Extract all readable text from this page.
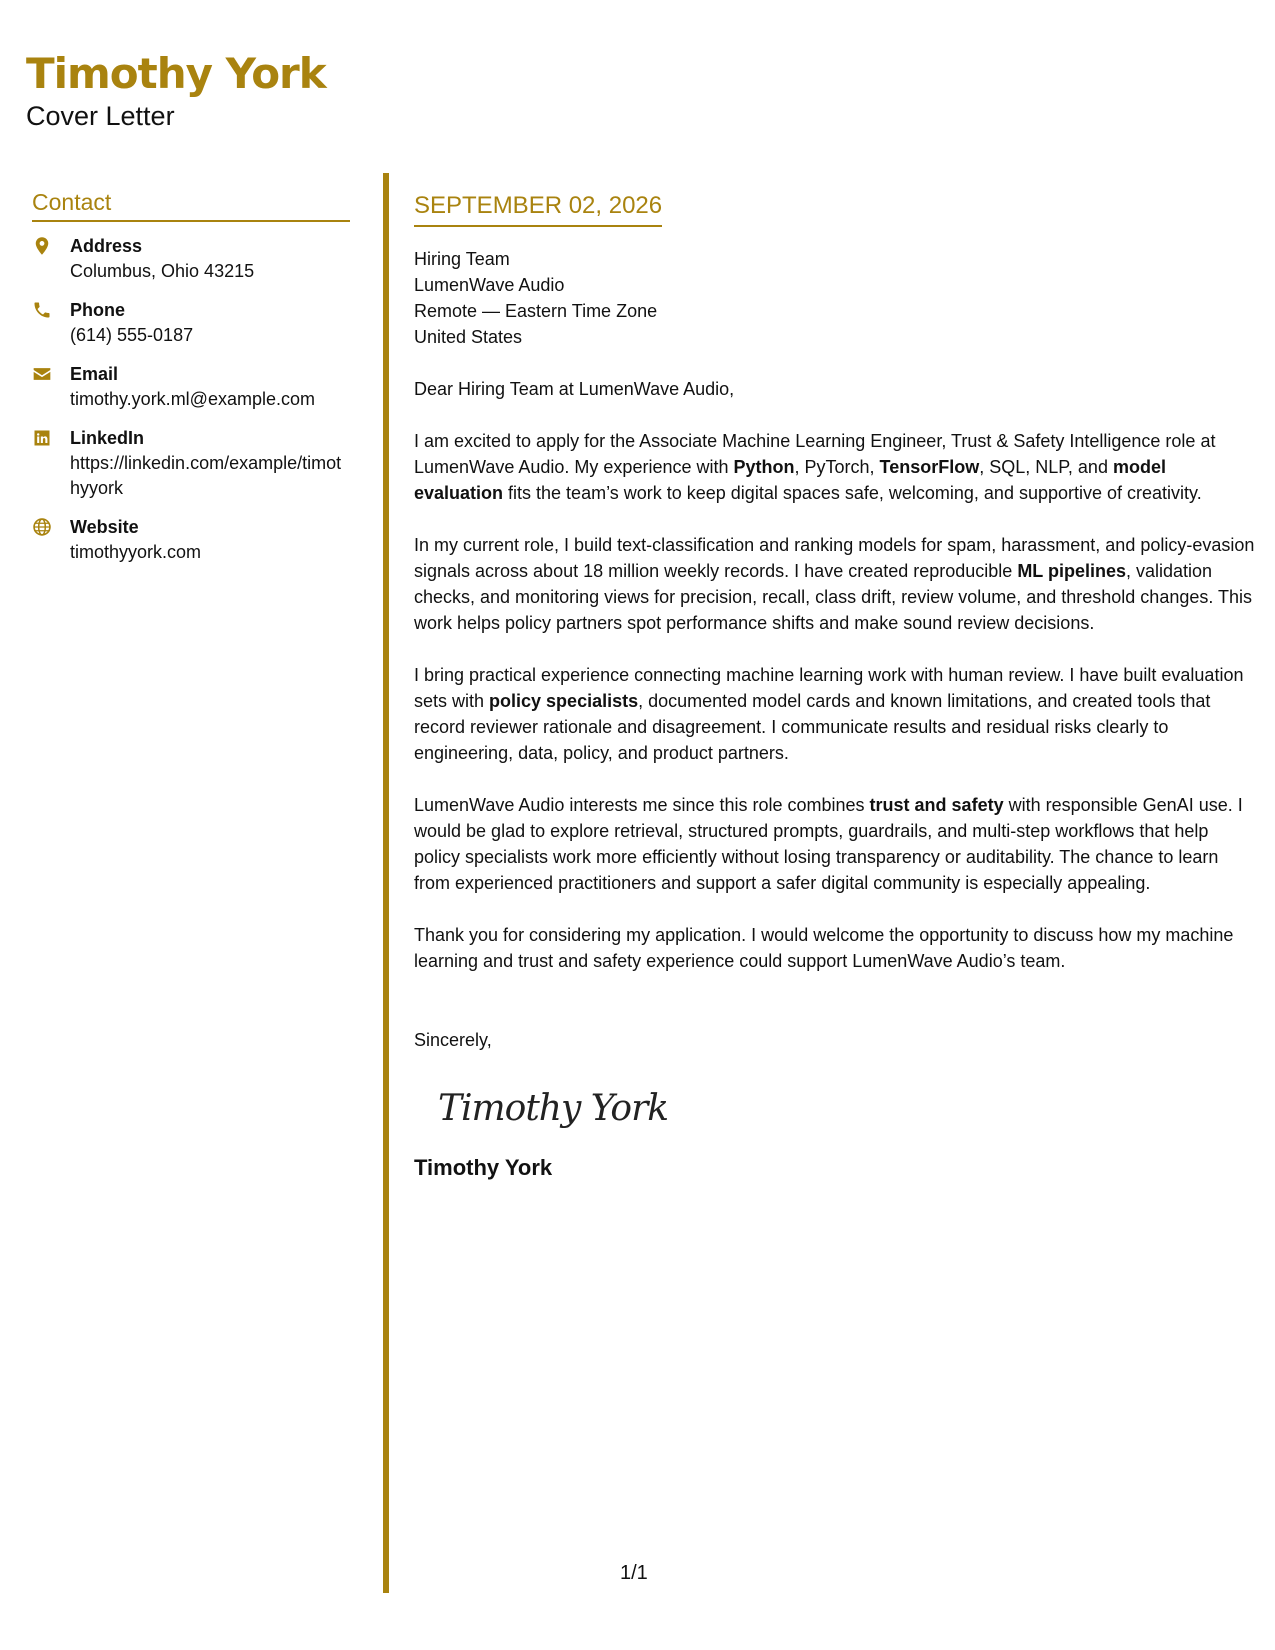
Timothy York
Cover Letter
Contact
Address
Columbus, Ohio 43215
Phone
(614) 555-0187
Email
timothy.york.ml@example.com
LinkedIn
https://linkedin.com/example/timothyyork
Website
timothyyork.com
SEPTEMBER 02, 2026
Hiring Team
LumenWave Audio
Remote — Eastern Time Zone
United States
Dear Hiring Team at LumenWave Audio,
I am excited to apply for the Associate Machine Learning Engineer, Trust & Safety Intelligence role at LumenWave Audio. My experience with Python, PyTorch, TensorFlow, SQL, NLP, and model evaluation fits the team’s work to keep digital spaces safe, welcoming, and supportive of creativity.
In my current role, I build text-classification and ranking models for spam, harassment, and policy-evasion signals across about 18 million weekly records. I have created reproducible ML pipelines, validation checks, and monitoring views for precision, recall, class drift, review volume, and threshold changes. This work helps policy partners spot performance shifts and make sound review decisions.
I bring practical experience connecting machine learning work with human review. I have built evaluation sets with policy specialists, documented model cards and known limitations, and created tools that record reviewer rationale and disagreement. I communicate results and residual risks clearly to engineering, data, policy, and product partners.
LumenWave Audio interests me since this role combines trust and safety with responsible GenAI use. I would be glad to explore retrieval, structured prompts, guardrails, and multi-step workflows that help policy specialists work more efficiently without losing transparency or auditability. The chance to learn from experienced practitioners and support a safer digital community is especially appealing.
Thank you for considering my application. I would welcome the opportunity to discuss how my machine learning and trust and safety experience could support LumenWave Audio’s team.
Sincerely,
Timothy York
Timothy York
1/1
